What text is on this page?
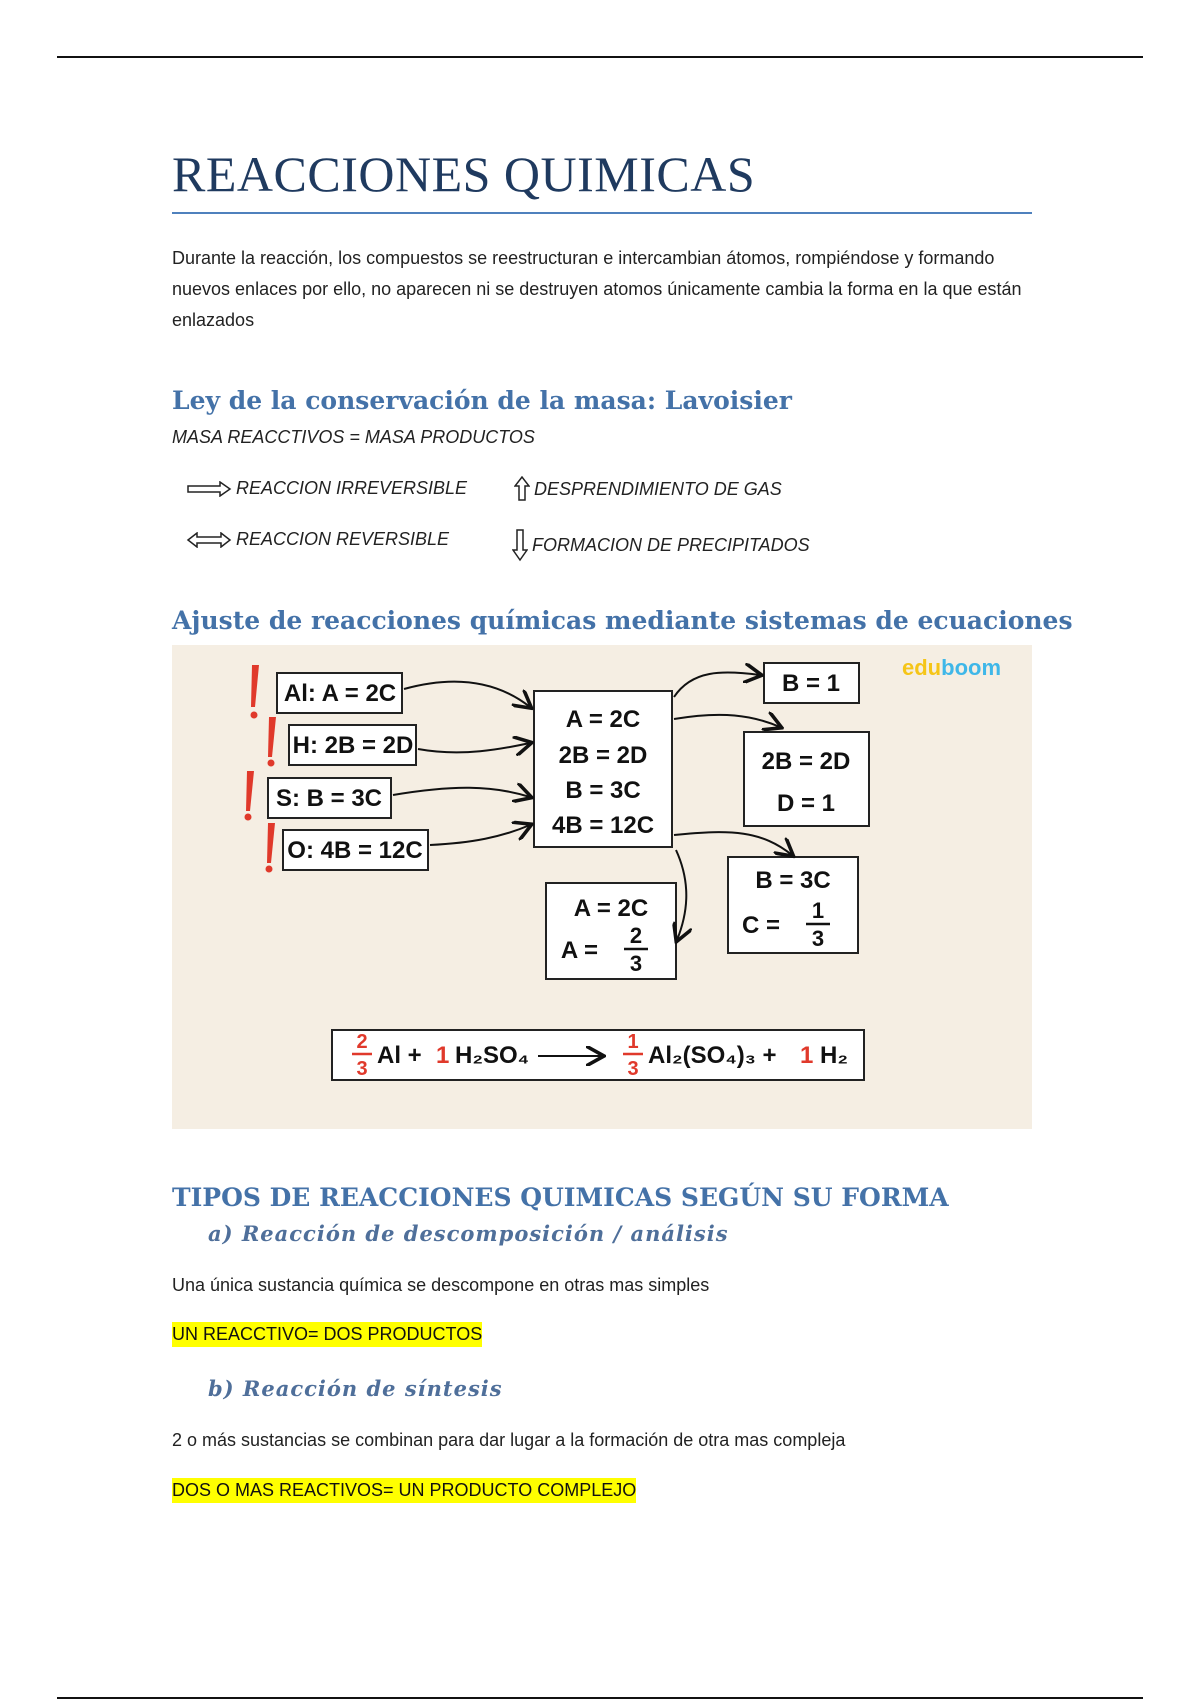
REACCIONES QUIMICAS

Durante la reacción, los compuestos se reestructuran e intercambian átomos, rompiéndose y formando nuevos enlaces por ello, no aparecen ni se destruyen atomos únicamente cambia la forma en la que están enlazados

Ley de la conservación de la masa: Lavoisier

MASA REACCTIVOS = MASA PRODUCTOS

REACCION IRREVERSIBLE	DESPRENDIMIENTO DE GAS
REACCION REVERSIBLE	FORMACION DE PRECIPITADOS
Ajuste de reacciones químicas mediante sistemas de ecuaciones
eduboom
Al: A = 2C
H: 2B = 2D
S: B = 3C
O: 4B = 12C
A = 2C
2B = 2D
B = 3C
4B = 12C
B = 1
2B = 2D
D = 1
B = 3C
C =
1
3
A = 2C
A =
2
3
2
3 Al + 1 H₂SO₄	1
3 Al₂(SO₄)₃ + 1 H₂
TIPOS DE REACCIONES QUIMICAS SEGÚN SU FORMA
a) Reacción de descomposición / análisis

Una única sustancia química se descompone en otras mas simples

UN REACCTIVO= DOS PRODUCTOS

b) Reacción de síntesis

2 o más sustancias se combinan para dar lugar a la formación de otra mas compleja

DOS O MAS REACTIVOS= UN PRODUCTO COMPLEJO
